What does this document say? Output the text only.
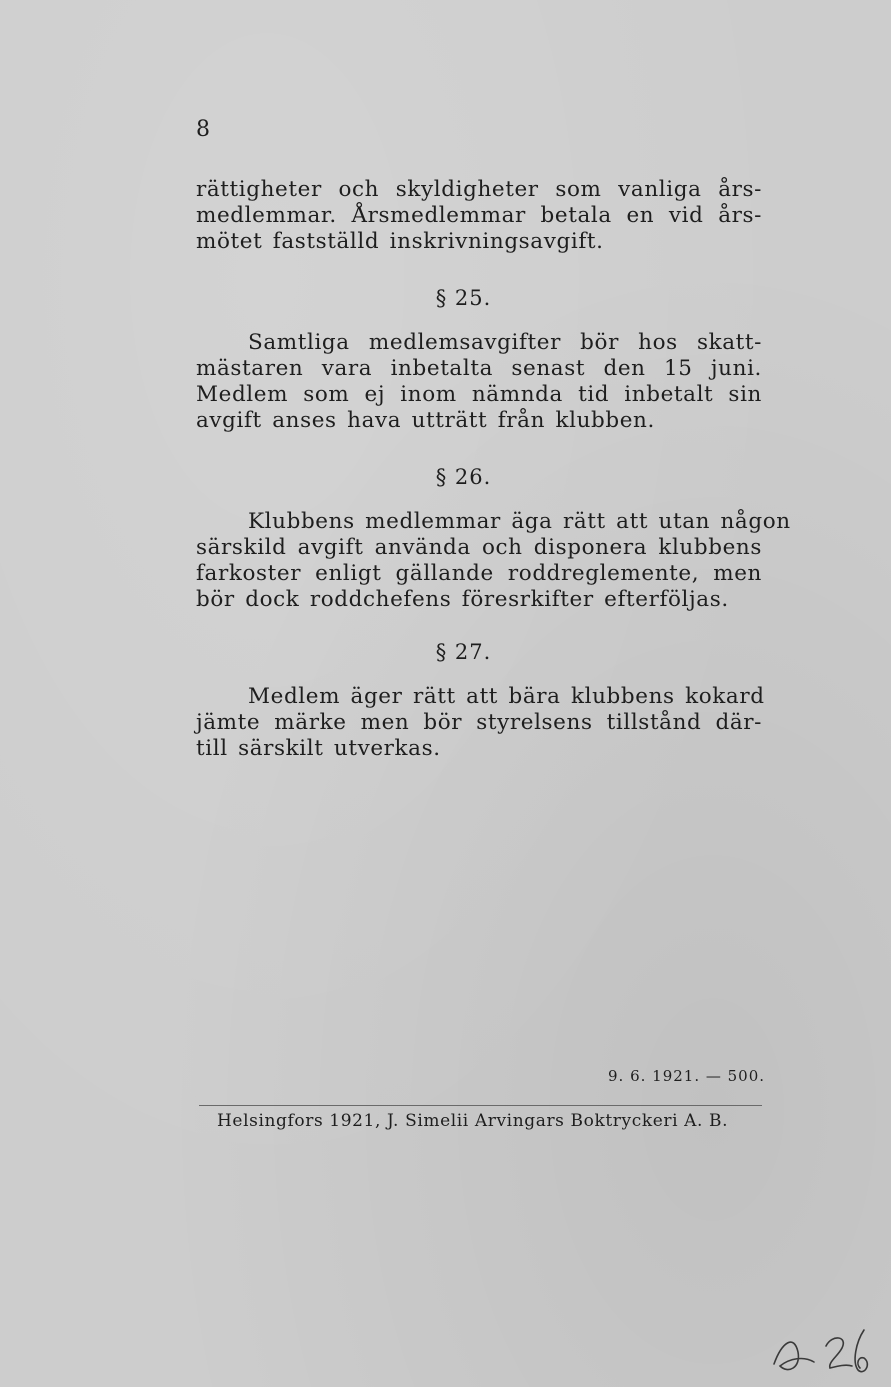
8
rättigheter och skyldigheter som vanliga års-
medlemmar. Årsmedlemmar betala en vid års-
mötet fastställd inskrivningsavgift.
§ 25.
Samtliga medlemsavgifter bör hos skatt-
mästaren vara inbetalta senast den 15 juni.
Medlem som ej inom nämnda tid inbetalt sin
avgift anses hava utträtt från klubben.
§ 26.
Klubbens medlemmar äga rätt att utan någon
särskild avgift använda och disponera klubbens
farkoster enligt gällande roddreglemente, men
bör dock roddchefens föresrkifter efterföljas.
§ 27.
Medlem äger rätt att bära klubbens kokard
jämte märke men bör styrelsens tillstånd där-
till särskilt utverkas.
9. 6. 1921. — 500.
Helsingfors 1921, J. Simelii Arvingars Boktryckeri A. B.
